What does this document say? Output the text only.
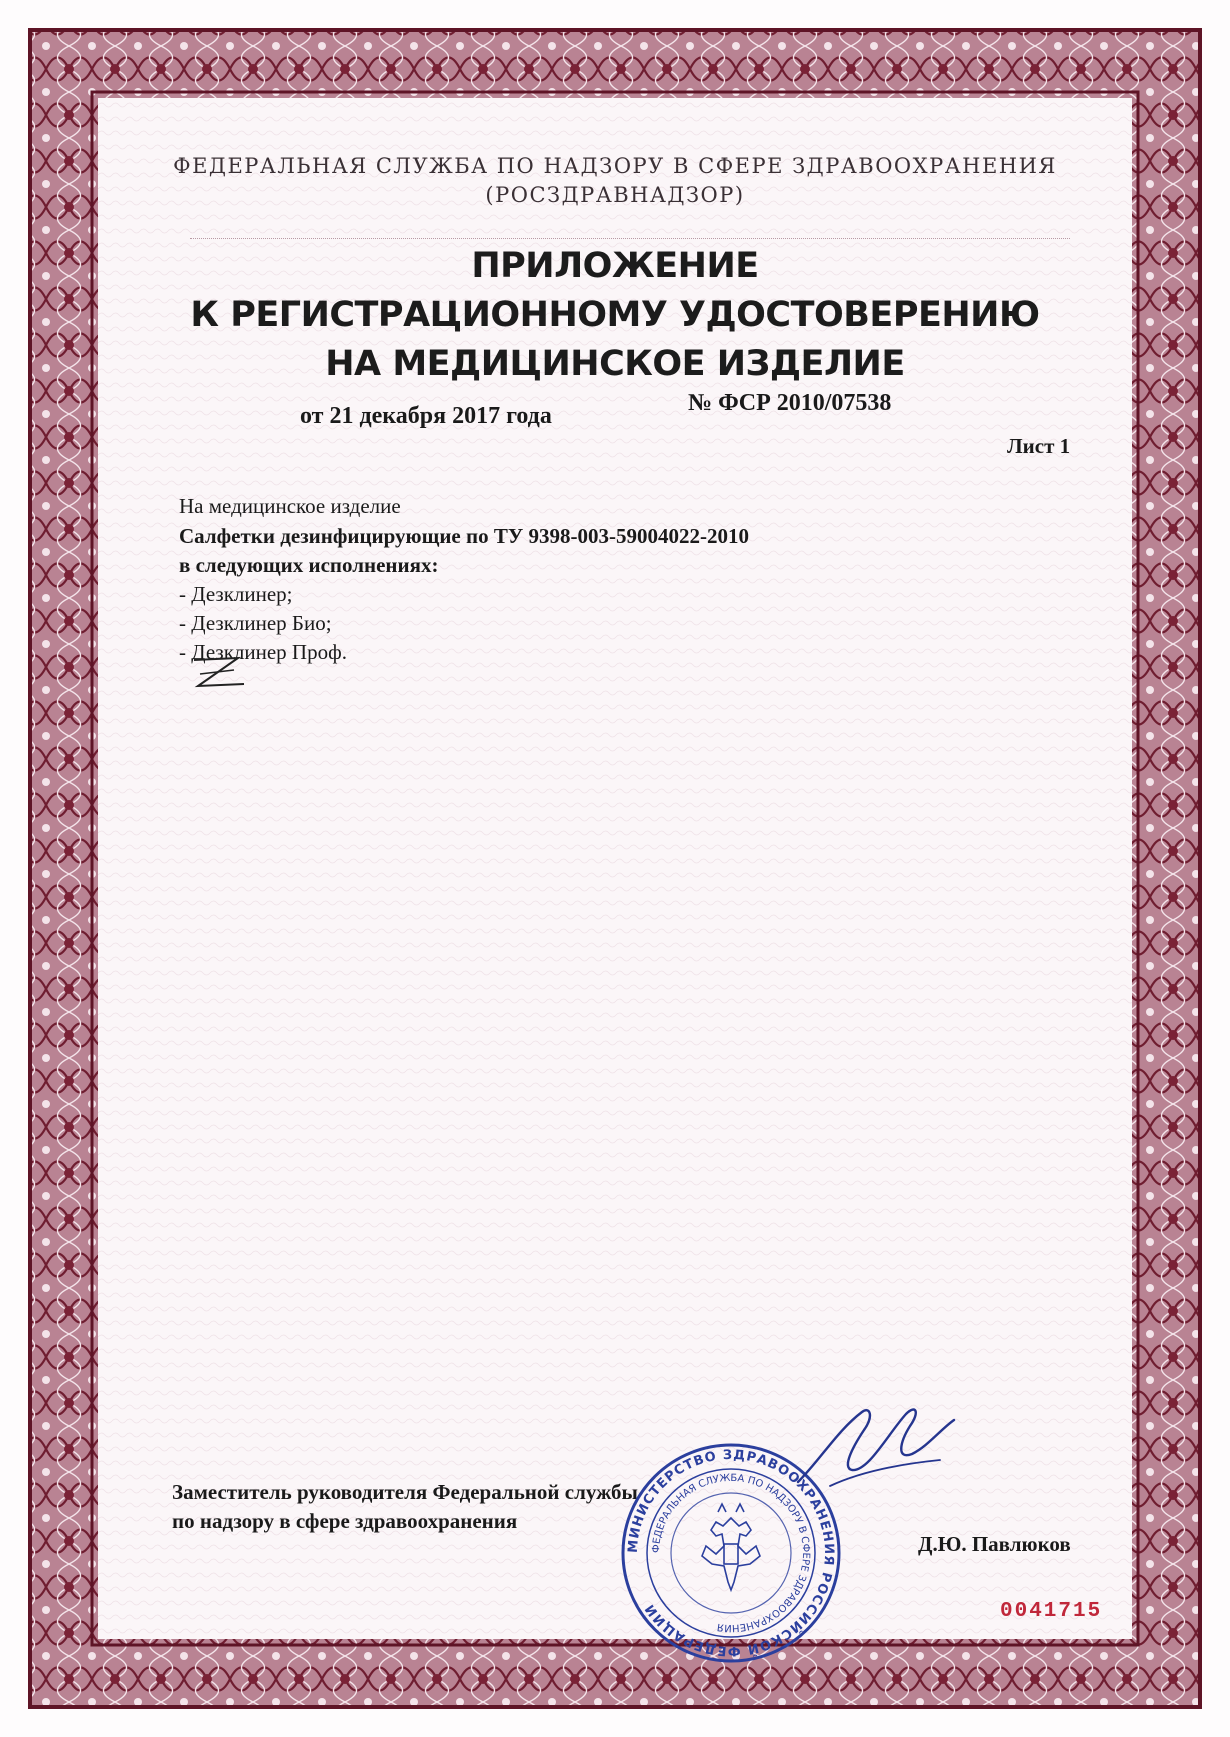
ФЕДЕРАЛЬНАЯ СЛУЖБА ПО НАДЗОРУ В СФЕРЕ ЗДРАВООХРАНЕНИЯ
(РОСЗДРАВНАДЗОР)
ПРИЛОЖЕНИЕ
К РЕГИСТРАЦИОННОМУ УДОСТОВЕРЕНИЮ
НА МЕДИЦИНСКОЕ ИЗДЕЛИЕ
от 21 декабря 2017 года	№ ФСР 2010/07538
Лист 1
На медицинское изделие
Салфетки дезинфицирующие по ТУ 9398-003-59004022-2010
в следующих исполнениях:
- Дезклинер;
- Дезклинер Био;
- Дезклинер Проф.
Заместитель руководителя Федеральной службы
по надзору в сфере здравоохранения
Д.Ю. Павлюков
МИНИСТЕРСТВО ЗДРАВООХРАНЕНИЯ РОССИЙСКОЙ ФЕДЕРАЦИИ
ФЕДЕРАЛЬНАЯ СЛУЖБА ПО НАДЗОРУ В СФЕРЕ ЗДРАВООХРАНЕНИЯ
0041715
